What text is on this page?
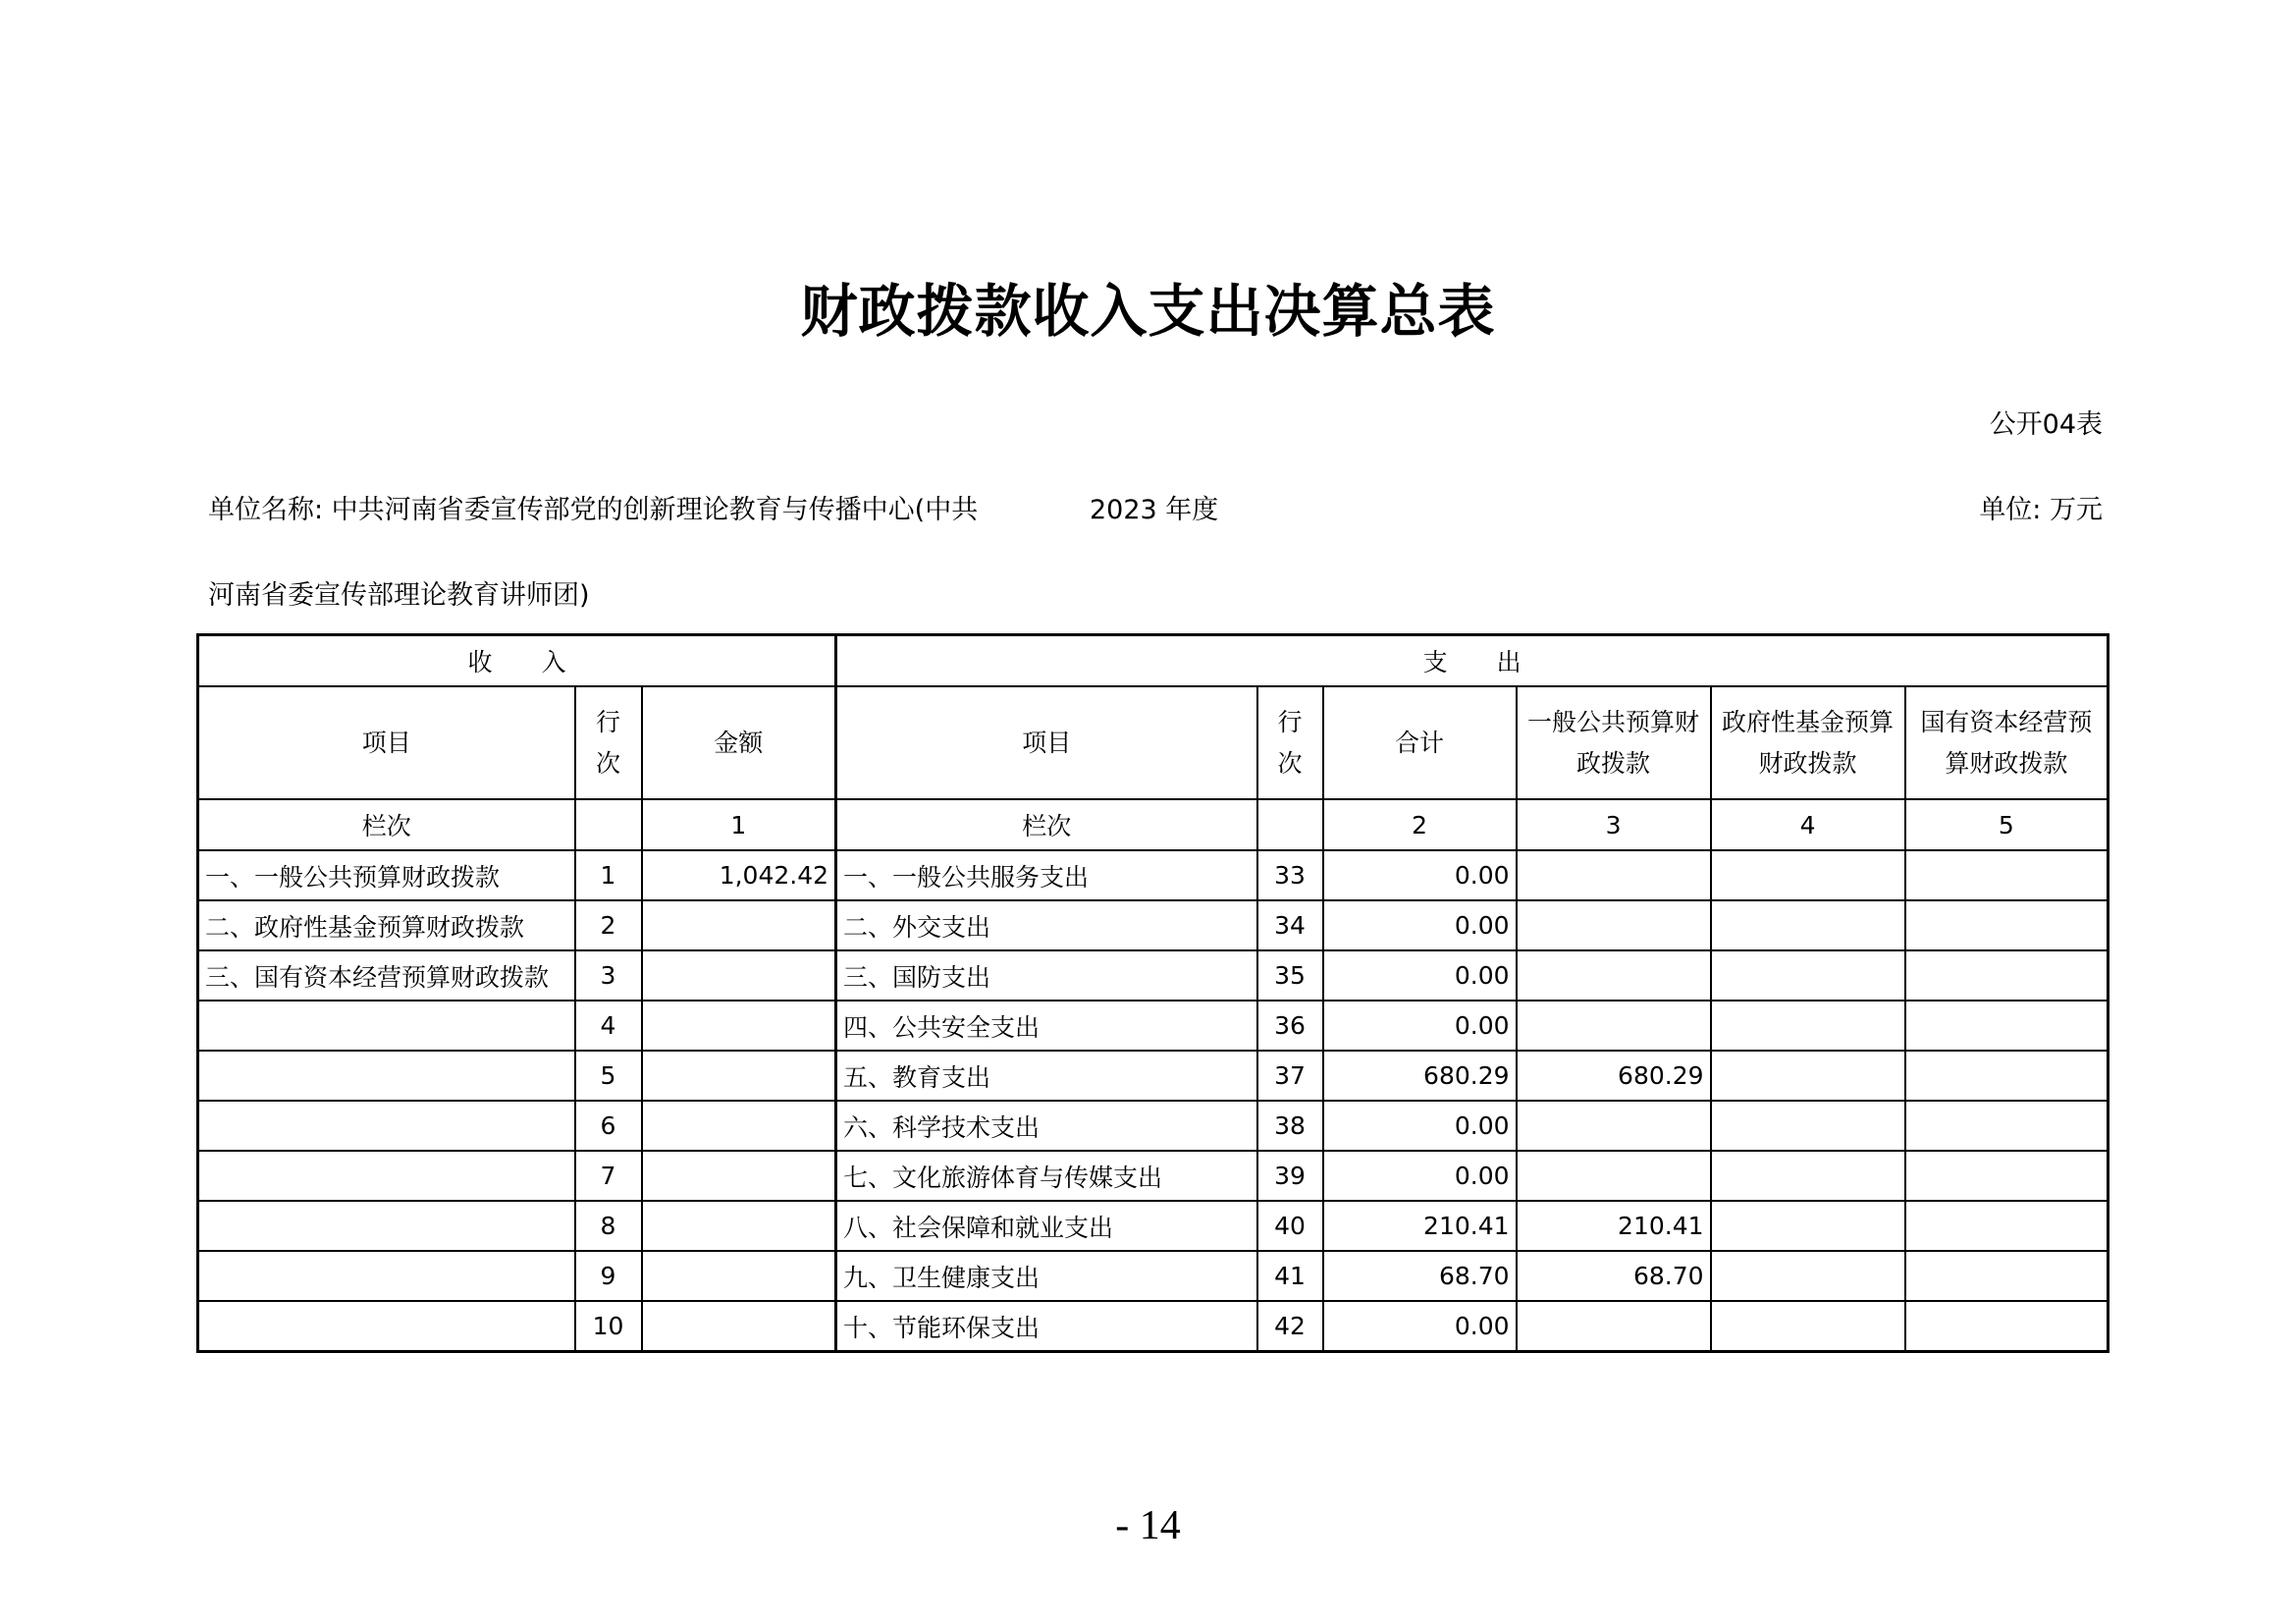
财政拨款收入支出决算总表
公开04表
单位名称: 中共河南省委宣传部党的创新理论教育与传播中心(中共	2023 年度	单位: 万元
河南省委宣传部理论教育讲师团)
收　　入			支　　出					
项目	行次	金额	项目	行次	合计	一般公共预算财政拨款	政府性基金预算财政拨款	国有资本经营预算财政拨款
栏次		1	栏次		2	3	4	5
一、一般公共预算财政拨款	1	1,042.42	一、一般公共服务支出	33	0.00			
二、政府性基金预算财政拨款	2		二、外交支出	34	0.00			
三、国有资本经营预算财政拨款	3		三、国防支出	35	0.00			
	4		四、公共安全支出	36	0.00			
	5		五、教育支出	37	680.29	680.29		
	6		六、科学技术支出	38	0.00			
	7		七、文化旅游体育与传媒支出	39	0.00			
	8		八、社会保障和就业支出	40	210.41	210.41		
	9		九、卫生健康支出	41	68.70	68.70		
	10		十、节能环保支出	42	0.00			
- 14
